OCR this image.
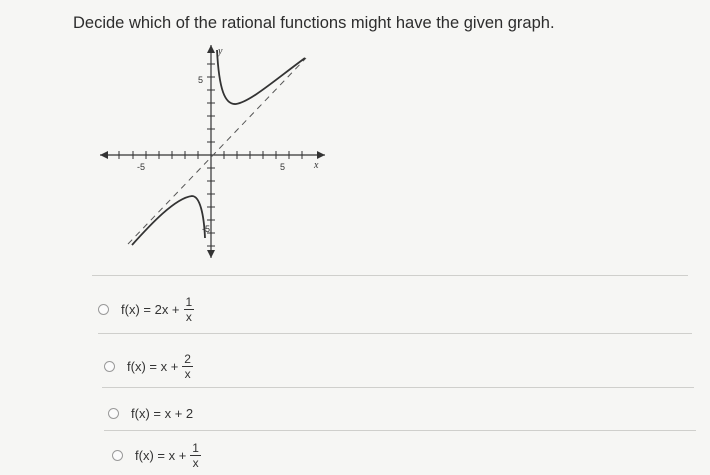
Decide which of the rational functions might have the given graph.
y
x
-5	5
5
-5
$f(x) = 2x + \frac{1}{x}$
$f(x) = x + \frac{2}{x}$
f(x) = x + 2
$f(x) = x + \frac{1}{x}$
